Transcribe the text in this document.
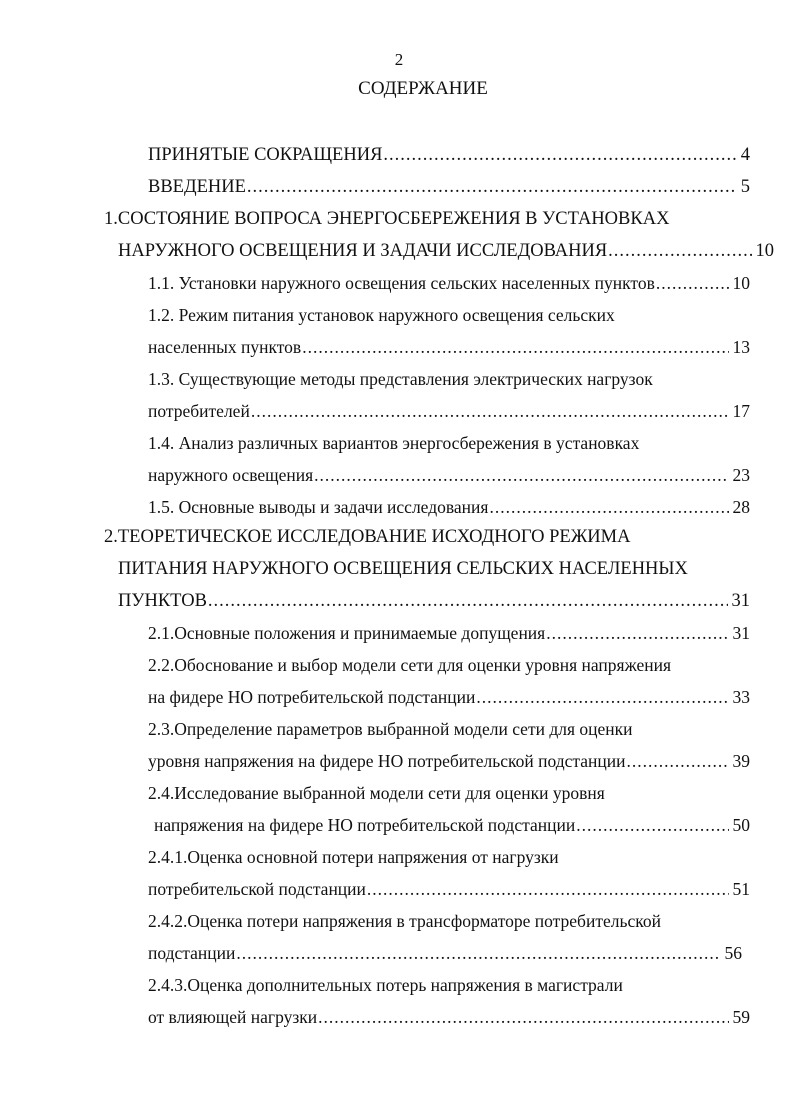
2
СОДЕРЖАНИЕ
ПРИНЯТЫЕ СОКРАЩЕНИЯ .....	4
ВВЕДЕНИЕ .....	5
1.СОСТОЯНИЕ ВОПРОСА ЭНЕРГОСБЕРЕЖЕНИЯ В УСТАНОВКАХ
НАРУЖНОГО ОСВЕЩЕНИЯ И ЗАДАЧИ ИССЛЕДОВАНИЯ .....	10
1.1. Установки наружного освещения сельских населенных пунктов .....	10
1.2. Режим питания установок наружного освещения сельских
населенных пунктов .....	13
1.3. Существующие методы представления электрических нагрузок
потребителей .....	17
1.4. Анализ различных вариантов энергосбережения в установках
наружного освещения .....	23
1.5. Основные выводы и задачи исследования .....	28
2.ТЕОРЕТИЧЕСКОЕ ИССЛЕДОВАНИЕ ИСХОДНОГО РЕЖИМА
ПИТАНИЯ НАРУЖНОГО ОСВЕЩЕНИЯ СЕЛЬСКИХ НАСЕЛЕННЫХ
ПУНКТОВ .....	31
2.1.Основные положения и принимаемые допущения .....	31
2.2.Обоснование и выбор модели сети для оценки уровня напряжения
на фидере НО потребительской подстанции .....	33
2.3.Определение параметров выбранной модели сети для оценки
уровня напряжения на фидере НО потребительской подстанции .....	39
2.4.Исследование выбранной модели сети для оценки уровня
напряжения на фидере НО потребительской подстанции .....	50
2.4.1.Оценка основной потери напряжения от нагрузки
потребительской подстанции .....	51
2.4.2.Оценка потери напряжения в трансформаторе потребительской
подстанции .....	56
2.4.3.Оценка дополнительных потерь напряжения в магистрали
от влияющей нагрузки .....	59
